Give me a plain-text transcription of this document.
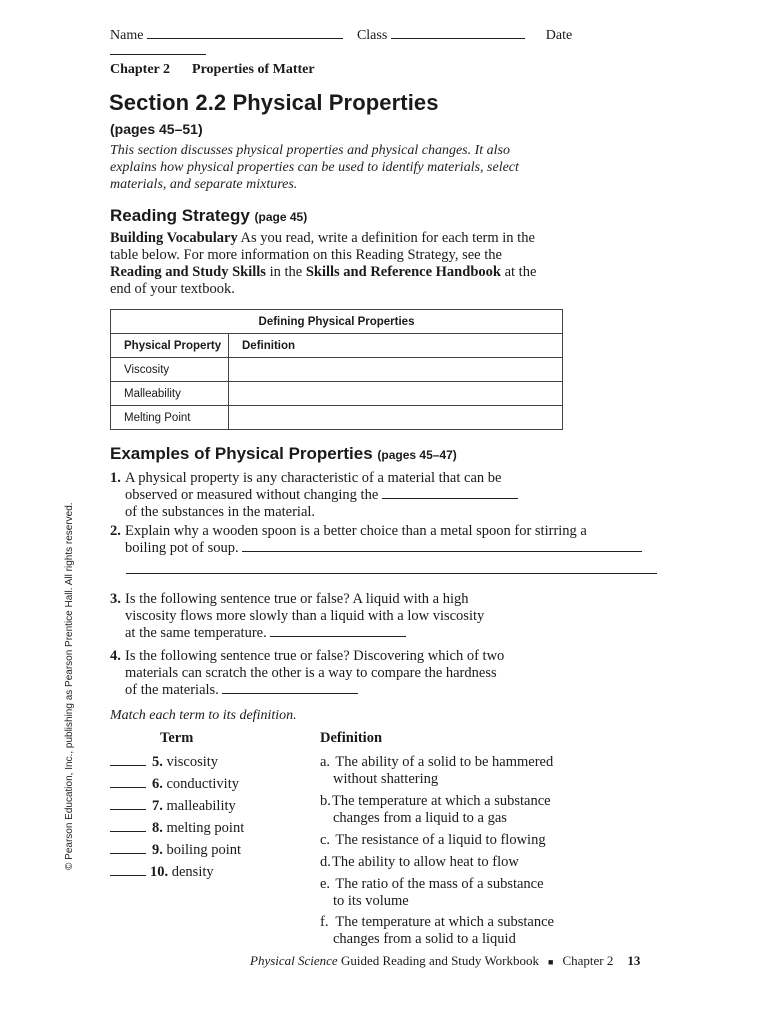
Name	Class	Date
Chapter 2 Properties of Matter
Section 2.2 Physical Properties
(pages 45–51)
This section discusses physical properties and physical changes. It also explains how physical properties can be used to identify materials, select materials, and separate mixtures.
Reading Strategy (page 45)
Building Vocabulary As you read, write a definition for each term in the table below. For more information on this Reading Strategy, see the Reading and Study Skills in the Skills and Reference Handbook at the end of your textbook.
Defining Physical Properties	
Physical Property	Definition
Viscosity	
Malleability	
Melting Point	
Examples of Physical Properties (pages 45–47)
1. A physical property is any characteristic of a material that can be
observed or measured without changing the
of the substances in the material.
2. Explain why a wooden spoon is a better choice than a metal spoon for stirring a
boiling pot of soup.
3. Is the following sentence true or false? A liquid with a high
viscosity flows more slowly than a liquid with a low viscosity
at the same temperature.
4. Is the following sentence true or false? Discovering which of two
materials can scratch the other is a way to compare the hardness
of the materials.
Match each term to its definition.
Term	Definition
5. viscosity
6. conductivity
7. malleability
8. melting point
9. boiling point
10. density
a. The ability of a solid to be hammered
without shattering
b.The temperature at which a substance
changes from a liquid to a gas
c. The resistance of a liquid to flowing
d.The ability to allow heat to flow
e. The ratio of the mass of a substance
to its volume
f. The temperature at which a substance
changes from a solid to a liquid
© Pearson Education, Inc., publishing as Pearson Prentice Hall. All rights reserved.
Physical Science Guided Reading and Study Workbook ■ Chapter 2 13
